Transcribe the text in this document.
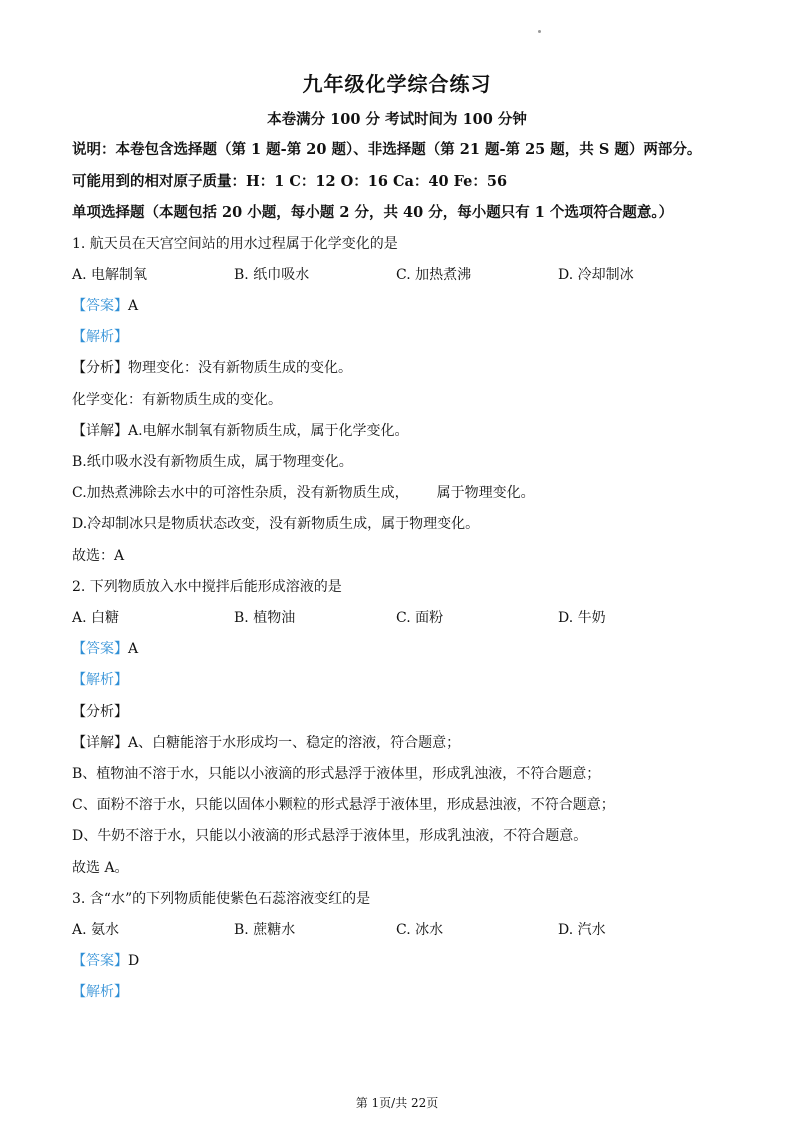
九年级化学综合练习
本卷满分 100 分 考试时间为 100 分钟
说明：本卷包含选择题（第 1 题-第 20 题）、非选择题（第 21 题-第 25 题，共 S 题）两部分。
可能用到的相对原子质量：H：1 C：12 O：16 Ca：40 Fe：56
单项选择题（本题包括 20 小题，每小题 2 分，共 40 分，每小题只有 1 个选项符合题意。）
1. 航天员在天宫空间站的用水过程属于化学变化的是
A. 电解制氧	B. 纸巾吸水	C. 加热煮沸	D. 冷却制冰
【答案】A
【解析】
【分析】物理变化：没有新物质生成的变化。
化学变化：有新物质生成的变化。
【详解】A.电解水制氧有新物质生成，属于化学变化。
B.纸巾吸水没有新物质生成，属于物理变化。
C.加热煮沸除去水中的可溶性杂质，没有新物质生成， 属于物理变化。
D.冷却制冰只是物质状态改变，没有新物质生成，属于物理变化。
故选：A
2. 下列物质放入水中搅拌后能形成溶液的是
A. 白糖	B. 植物油	C. 面粉	D. 牛奶
【答案】A
【解析】
【分析】
【详解】A、白糖能溶于水形成均一、稳定的溶液，符合题意；
B、植物油不溶于水，只能以小液滴的形式悬浮于液体里，形成乳浊液，不符合题意；
C、面粉不溶于水，只能以固体小颗粒的形式悬浮于液体里，形成悬浊液，不符合题意；
D、牛奶不溶于水，只能以小液滴的形式悬浮于液体里，形成乳浊液，不符合题意。
故选 A。
3. 含“水”的下列物质能使紫色石蕊溶液变红的是
A. 氨水	B. 蔗糖水	C. 冰水	D. 汽水
【答案】D
【解析】
第 1页/共 22页
